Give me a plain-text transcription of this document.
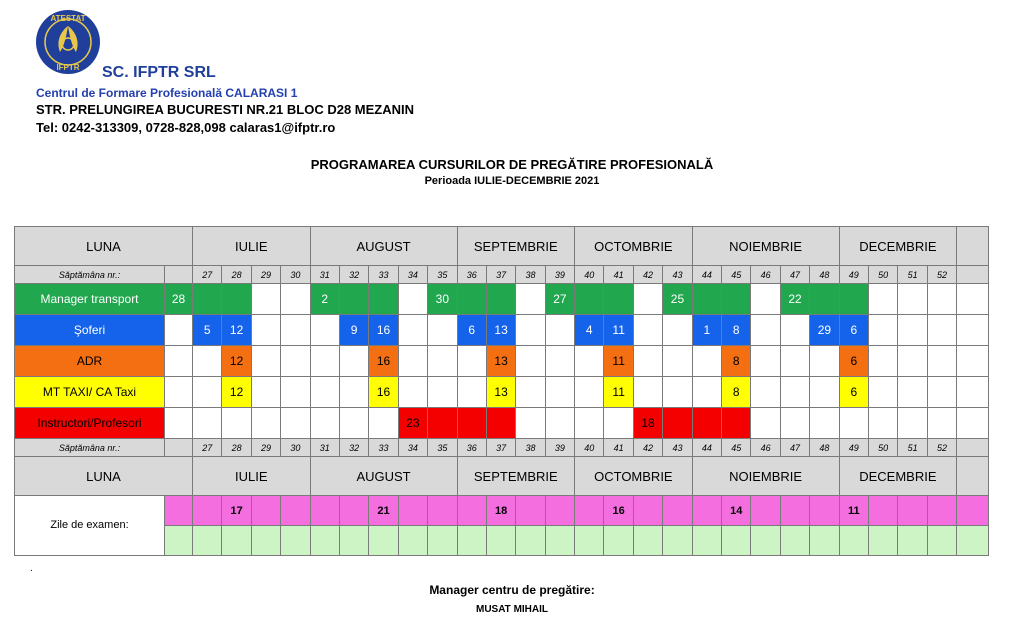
ATESTAT
IFPTR SC. IFPTR SRL
Centrul de Formare Profesională CALARASI 1
STR. PRELUNGIREA BUCURESTI NR.21 BLOC D28 MEZANIN
Tel: 0242-313309, 0728-828,098 calaras1@ifptr.ro
PROGRAMAREA CURSURILOR DE PREGĂTIRE PROFESIONALĂ
Perioada IULIE-DECEMBRIE 2021
LUNA		IULIE				AUGUST					SEPTEMBRIE				OCTOMBRIE				NOIEMBRIE					DECEMBRIE				
Săptămâna nr.:		27	28	29	30	31	32	33	34	35	36	37	38	39	40	41	42	43	44	45	46	47	48	49	50	51	52	
Manager transport	28					2				30				27				25				22						
Şoferi		5	12				9	16			6	13			4	11			1	8			29	6				
ADR			12					16				13				11				8				6				
MT TAXI/ CA Taxi			12					16				13				11				8				6				
Instructori/Profesori									23								18											
Săptămâna nr.:		27	28	29	30	31	32	33	34	35	36	37	38	39	40	41	42	43	44	45	46	47	48	49	50	51	52	
LUNA		IULIE				AUGUST					SEPTEMBRIE				OCTOMBRIE				NOIEMBRIE					DECEMBRIE				
Zile de examen:			17					21				18				16				14				11				

.
Manager centru de pregătire:
MUSAT MIHAIL
